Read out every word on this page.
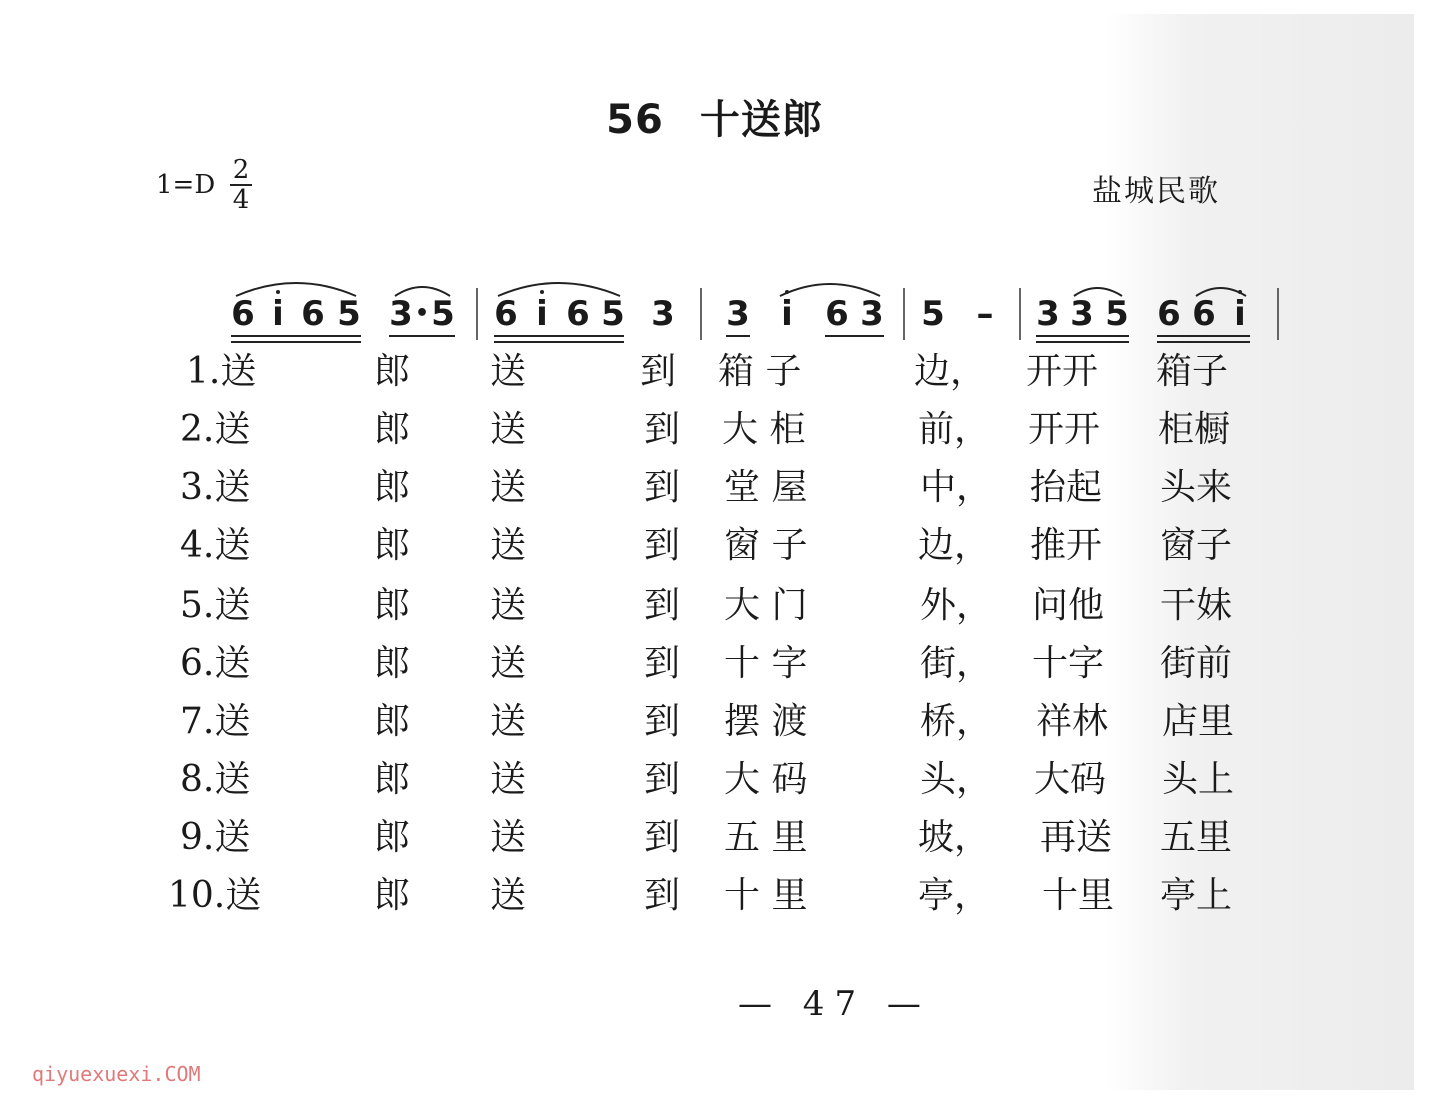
56 十送郎
1=D 2
4	盐城民歌
6 i 6 5 3 • 5 6 i 6 5 3 3 i 6 3 5 – 3 3 5 6 6 i
1.送	郎 送	到 箱 子	边， 开开 箱子
2.送	郎 送	到 大 柜	前， 开开 柜橱
3.送	郎 送	到 堂 屋	中， 抬起 头来
4.送	郎 送	到 窗 子	边， 推开 窗子
5.送	郎 送	到 大 门	外， 问他 干妹
6.送	郎 送	到 十 字	街， 十字 街前
7.送	郎 送	到 摆 渡	桥， 祥林 店里
8.送	郎 送	到 大 码	头， 大码 头上
9.送	郎 送	到 五 里	坡， 再送 五里
10.送	郎 送	到 十 里	亭， 十里 亭上
— 47 —
qiyuexuexi.COM
